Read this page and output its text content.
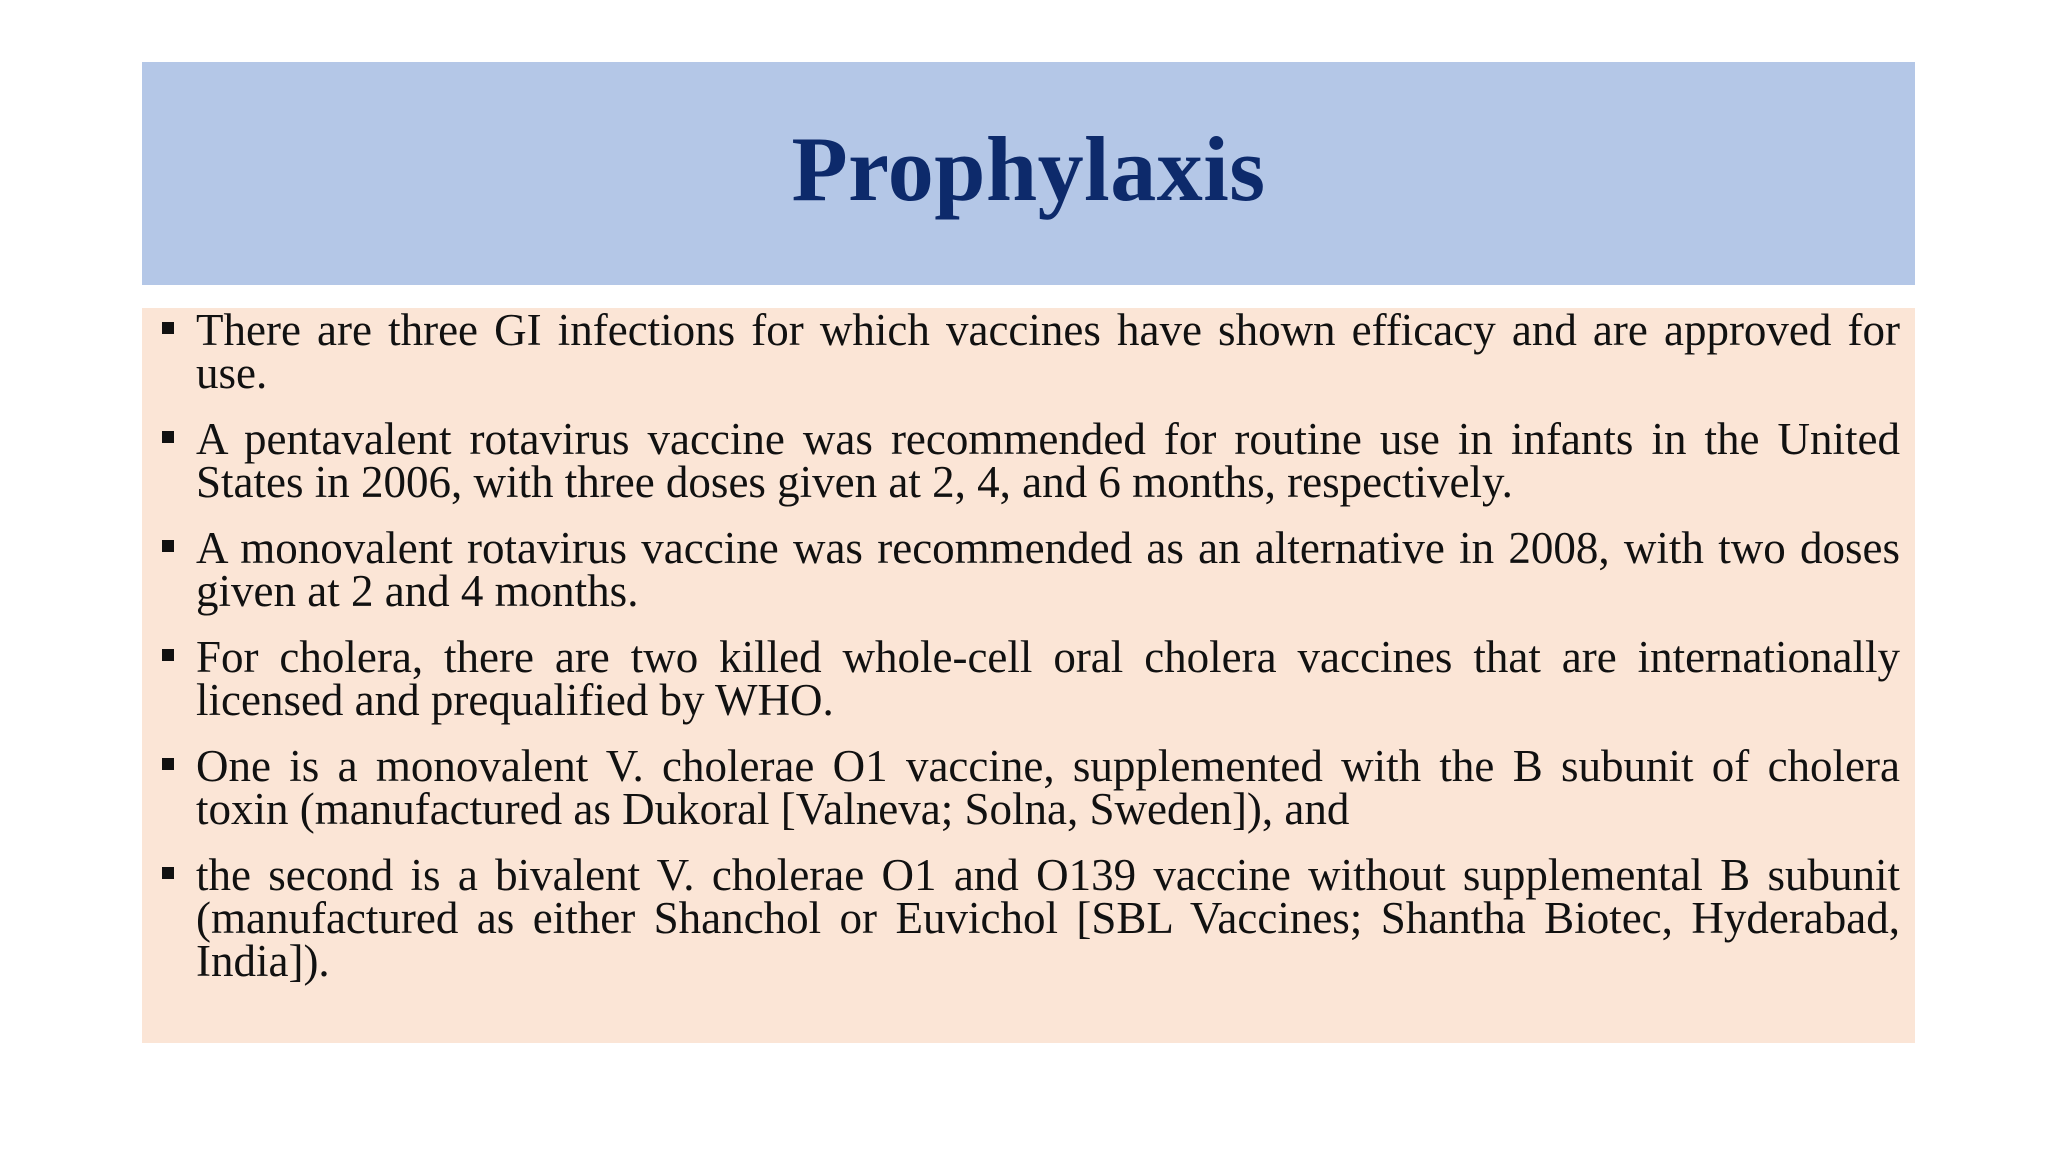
Prophylaxis
There are three GI infections for which vaccines have shown efficacy and are approved for use.
A pentavalent rotavirus vaccine was recommended for routine use in infants in the United States in 2006, with three doses given at 2, 4, and 6 months, respectively.
A monovalent rotavirus vaccine was recommended as an alternative in 2008, with two doses given at 2 and 4 months.
For cholera, there are two killed whole-cell oral cholera vaccines that are internationally licensed and prequalified by WHO.
One is a monovalent V. cholerae O1 vaccine, supplemented with the B subunit of cholera toxin (manufactured as Dukoral [Valneva; Solna, Sweden]), and
the second is a bivalent V. cholerae O1 and O139 vaccine without supplemental B subunit (manufactured as either Shanchol or Euvichol [SBL Vaccines; Shantha Biotec, Hyderabad, India]).
